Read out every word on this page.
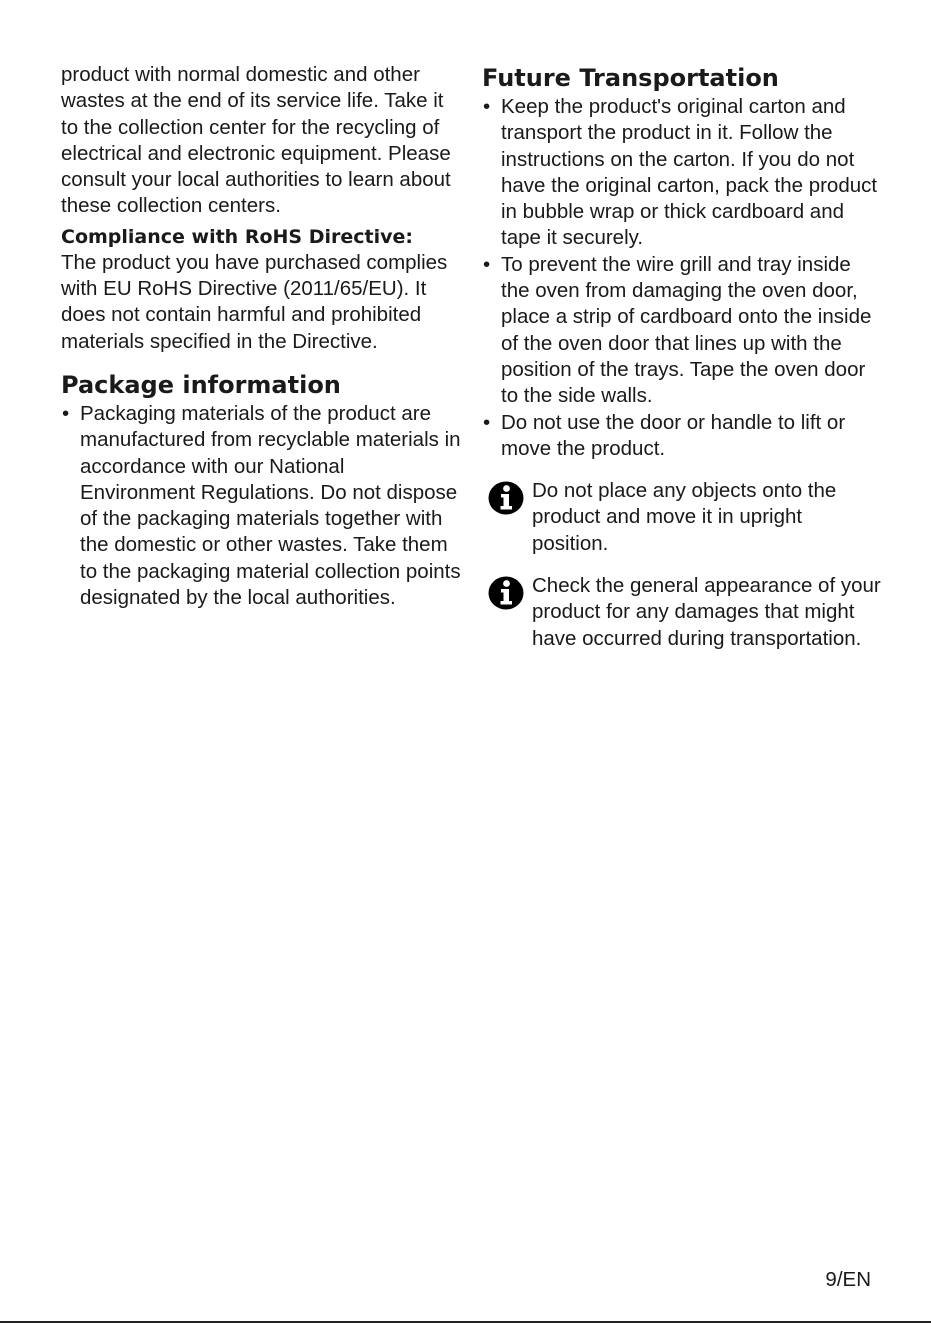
product with normal domestic and other wastes at the end of its service life. Take it to the collection center for the recycling of electrical and electronic equipment. Please consult your local authorities to learn about these collection centers.

Compliance with RoHS Directive:

The product you have purchased complies with EU RoHS Directive (2011/65/EU). It does not contain harmful and prohibited materials specified in the Directive.

Package information
• Packaging materials of the product are manufactured from recyclable materials in accordance with our National Environment Regulations. Do not dispose of the packaging materials together with the domestic or other wastes. Take them to the packaging material collection points designated by the local authorities.
Future Transportation
• Keep the product's original carton and transport the product in it. Follow the instructions on the carton. If you do not have the original carton, pack the product in bubble wrap or thick cardboard and tape it securely.
• To prevent the wire grill and tray inside the oven from damaging the oven door, place a strip of cardboard onto the inside of the oven door that lines up with the position of the trays. Tape the oven door to the side walls.
• Do not use the door or handle to lift or move the product.

Do not place any objects onto the product and move it in upright position.

Check the general appearance of your product for any damages that might have occurred during transportation.

9/EN
